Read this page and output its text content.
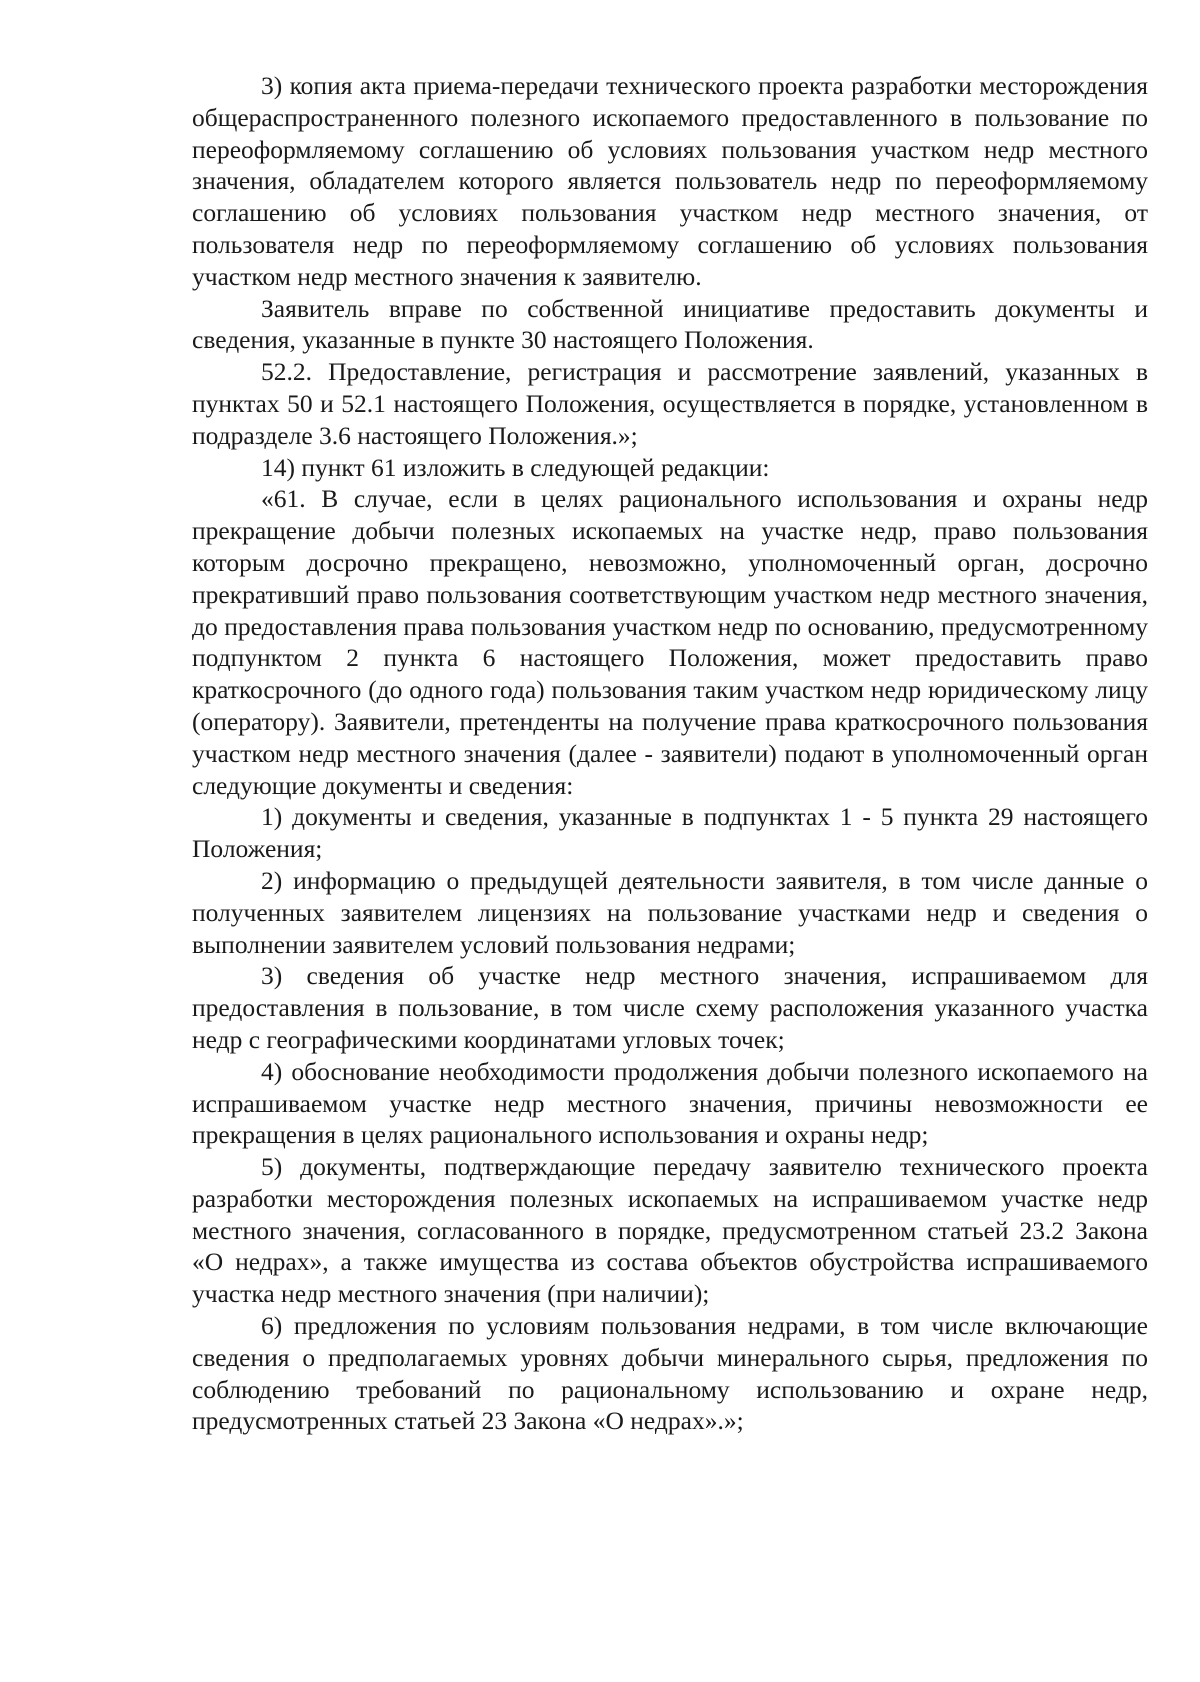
3) копия акта приема-передачи технического проекта разработки месторождения общераспространенного полезного ископаемого предоставленного в пользование по переоформляемому соглашению об условиях пользования участком недр местного значения, обладателем которого является пользователь недр по переоформляемому соглашению об условиях пользования участком недр местного значения, от пользователя недр по переоформляемому соглашению об условиях пользования участком недр местного значения к заявителю.

Заявитель вправе по собственной инициативе предоставить документы и сведения, указанные в пункте 30 настоящего Положения.

52.2. Предоставление, регистрация и рассмотрение заявлений, указанных в пунктах 50 и 52.1 настоящего Положения, осуществляется в порядке, установленном в подразделе 3.6 настоящего Положения.»;

14) пункт 61 изложить в следующей редакции:

«61. В случае, если в целях рационального использования и охраны недр прекращение добычи полезных ископаемых на участке недр, право пользования которым досрочно прекращено, невозможно, уполномоченный орган, досрочно прекративший право пользования соответствующим участком недр местного значения, до предоставления права пользования участком недр по основанию, предусмотренному подпунктом 2 пункта 6 настоящего Положения, может предоставить право краткосрочного (до одного года) пользования таким участком недр юридическому лицу (оператору). Заявители, претенденты на получение права краткосрочного пользования участком недр местного значения (далее - заявители) подают в уполномоченный орган следующие документы и сведения:

1) документы и сведения, указанные в подпунктах 1 - 5 пункта 29 настоящего Положения;

2) информацию о предыдущей деятельности заявителя, в том числе данные о полученных заявителем лицензиях на пользование участками недр и сведения о выполнении заявителем условий пользования недрами;

3) сведения об участке недр местного значения, испрашиваемом для предоставления в пользование, в том числе схему расположения указанного участка недр с географическими координатами угловых точек;

4) обоснование необходимости продолжения добычи полезного ископаемого на испрашиваемом участке недр местного значения, причины невозможности ее прекращения в целях рационального использования и охраны недр;

5) документы, подтверждающие передачу заявителю технического проекта разработки месторождения полезных ископаемых на испрашиваемом участке недр местного значения, согласованного в порядке, предусмотренном статьей 23.2 Закона «О недрах», а также имущества из состава объектов обустройства испрашиваемого участка недр местного значения (при наличии);

6) предложения по условиям пользования недрами, в том числе включающие сведения о предполагаемых уровнях добычи минерального сырья, предложения по соблюдению требований по рациональному использованию и охране недр, предусмотренных статьей 23 Закона «О недрах».»;
